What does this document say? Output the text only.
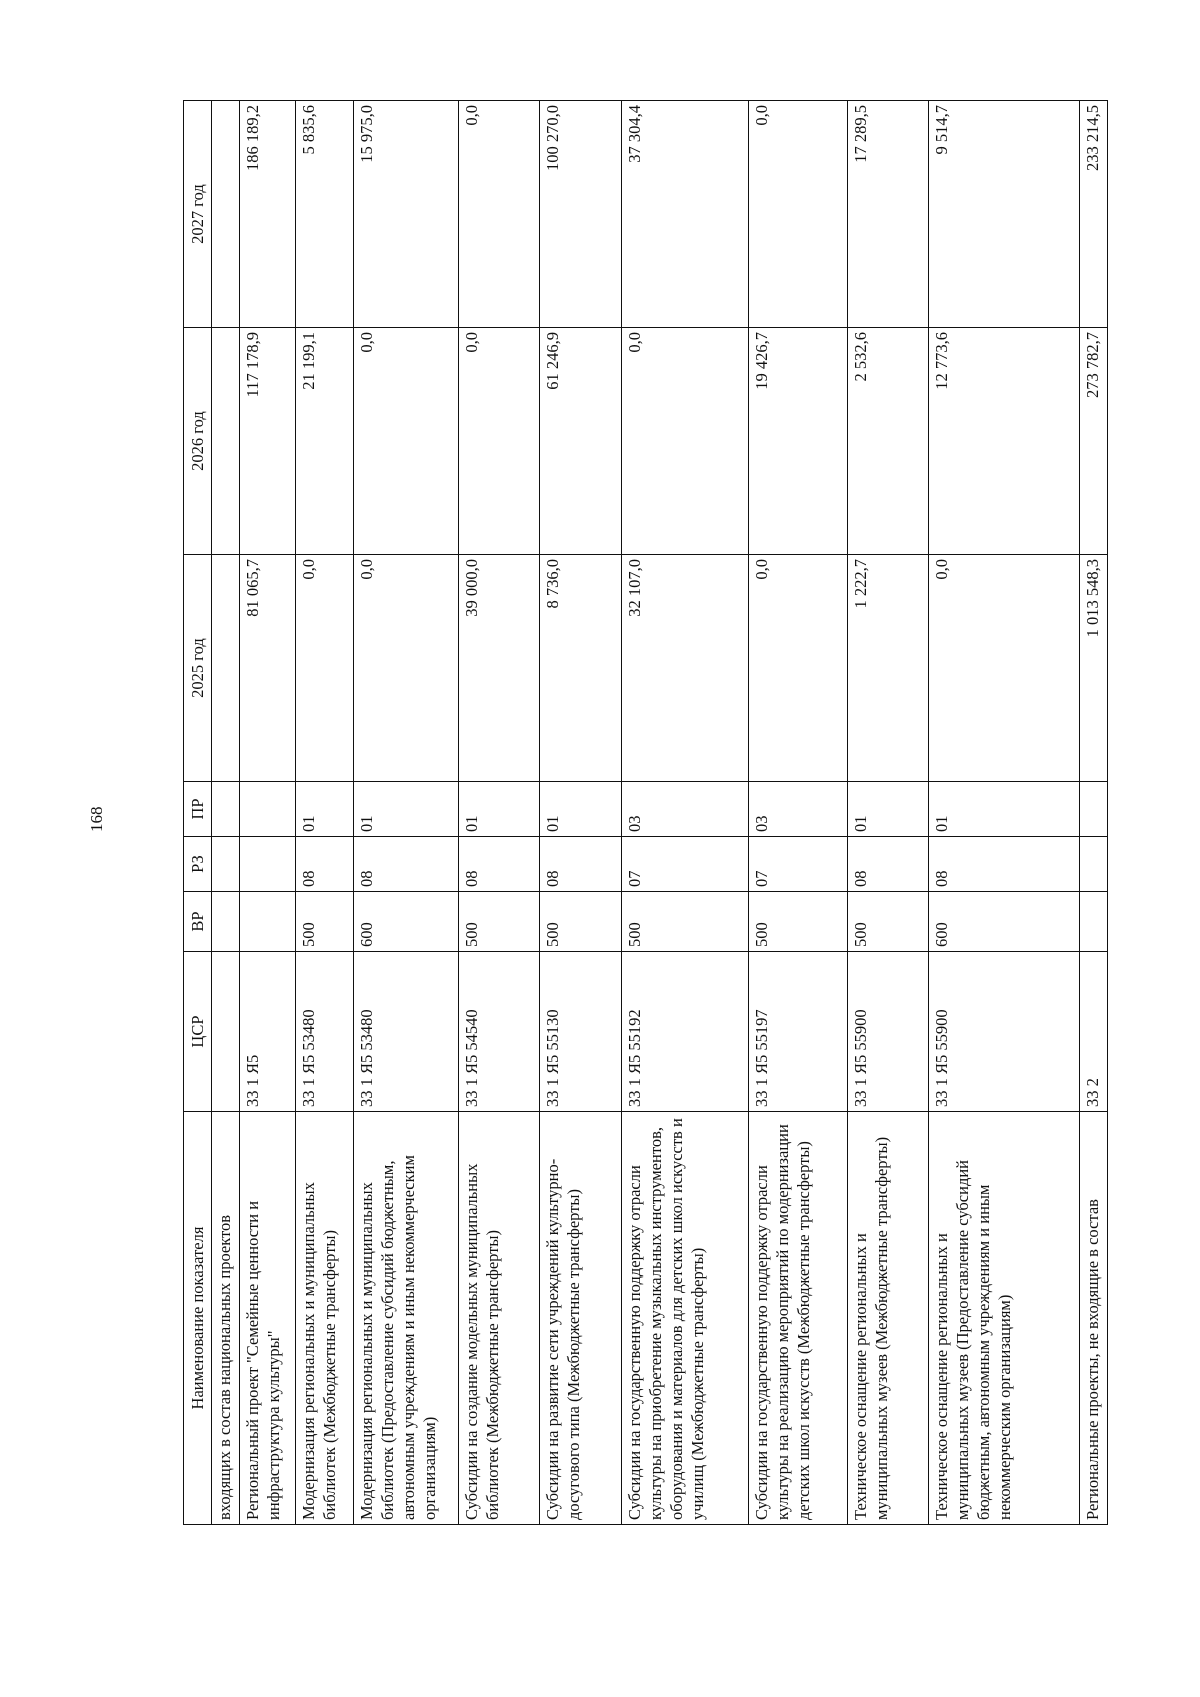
168
Наименование показателя	ЦСР	ВР	РЗ	ПР	2025 год	2026 год	2027 год
входящих в состав национальных проектов							
Региональный проект "Семейные ценности и инфраструктура культуры"	33 1 Я5				81 065,7	117 178,9	186 189,2
Модернизация региональных и муниципальных библиотек (Межбюджетные трансферты)	33 1 Я5 53480	500	08	01	0,0	21 199,1	5 835,6
Модернизация региональных и муниципальных библиотек (Предоставление субсидий бюджетным, автономным учреждениям и иным некоммерческим организациям)	33 1 Я5 53480	600	08	01	0,0	0,0	15 975,0
Субсидии на создание модельных муниципальных библиотек (Межбюджетные трансферты)	33 1 Я5 54540	500	08	01	39 000,0	0,0	0,0
Субсидии на развитие сети учреждений культурно-досугового типа (Межбюджетные трансферты)	33 1 Я5 55130	500	08	01	8 736,0	61 246,9	100 270,0
Субсидии на государственную поддержку отрасли культуры на приобретение музыкальных инструментов, оборудования и материалов для детских школ искусств и училищ (Межбюджетные трансферты)	33 1 Я5 55192	500	07	03	32 107,0	0,0	37 304,4
Субсидии на государственную поддержку отрасли культуры на реализацию мероприятий по модернизации детских школ искусств (Межбюджетные трансферты)	33 1 Я5 55197	500	07	03	0,0	19 426,7	0,0
Техническое оснащение региональных и муниципальных музеев (Межбюджетные трансферты)	33 1 Я5 55900	500	08	01	1 222,7	2 532,6	17 289,5
Техническое оснащение региональных и муниципальных музеев (Предоставление субсидий бюджетным, автономным учреждениям и иным некоммерческим организациям)	33 1 Я5 55900	600	08	01	0,0	12 773,6	9 514,7
Региональные проекты, не входящие в состав	33 2				1 013 548,3	273 782,7	233 214,5
